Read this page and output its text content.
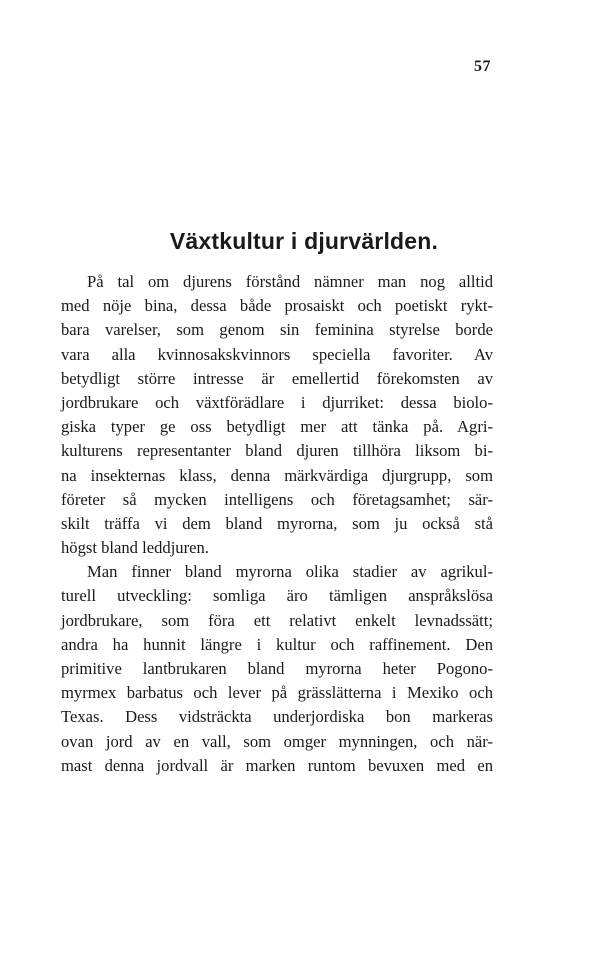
57
Växtkultur i djurvärlden.
På tal om djurens förstånd nämner man nog alltid
med nöje bina, dessa både prosaiskt och poetiskt rykt-
bara varelser, som genom sin feminina styrelse borde
vara alla kvinnosakskvinnors speciella favoriter. Av
betydligt större intresse är emellertid förekomsten av
jordbrukare och växtförädlare i djurriket: dessa biolo-
giska typer ge oss betydligt mer att tänka på. Agri-
kulturens representanter bland djuren tillhöra liksom bi-
na insekternas klass, denna märkvärdiga djurgrupp, som
företer så mycken intelligens och företagsamhet; sär-
skilt träffa vi dem bland myrorna, som ju också stå
högst bland leddjuren.
Man finner bland myrorna olika stadier av agrikul-
turell utveckling: somliga äro tämligen anspråkslösa
jordbrukare, som föra ett relativt enkelt levnadssätt;
andra ha hunnit längre i kultur och raffinement. Den
primitive lantbrukaren bland myrorna heter Pogono-
myrmex barbatus och lever på grässlätterna i Mexiko och
Texas. Dess vidsträckta underjordiska bon markeras
ovan jord av en vall, som omger mynningen, och när-
mast denna jordvall är marken runtom bevuxen med en
